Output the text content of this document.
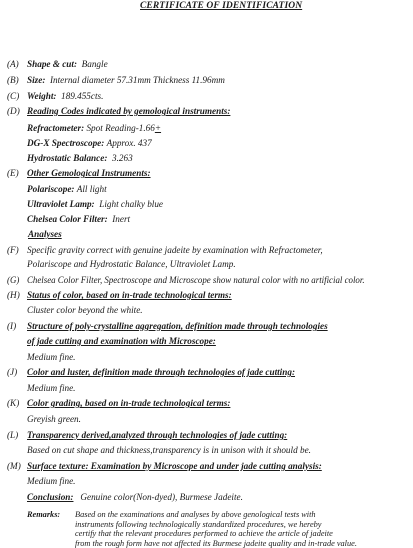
CERTIFICATE OF IDENTIFICATION
(A) Shape & cut: Bangle
(B) Size: Internal diameter 57.31mm Thickness 11.96mm
(C) Weight: 189.455cts.
(D) Reading Codes indicated by gemological instruments:
Refractometer: Spot Reading-1.66+
DG-X Spectroscope: Approx. 437
Hydrostatic Balance: 3.263
(E) Other Gemological Instruments:
Polariscope: All light
Ultraviolet Lamp: Light chalky blue
Chelsea Color Filter: Inert
Analyses
(F) Specific gravity correct with genuine jadeite by examination with Refractometer,
Polariscope and Hydrostatic Balance, Ultraviolet Lamp.
(G) Chelsea Color Filter, Spectroscope and Microscope show natural color with no artificial color.
(H) Status of color, based on in-trade technological terms:
Cluster color beyond the white.
(I) Structure of poly-crystalline aggregation, definition made through technologies
of jade cutting and examination with Microscope:
Medium fine.
(J) Color and luster, definition made through technologies of jade cutting:
Medium fine.
(K) Color grading, based on in-trade technological terms:
Greyish green.
(L) Transparency derived,analyzed through technologies of jade cutting:
Based on cut shape and thickness,transparency is in unison with it should be.
(M) Surface texture: Examination by Microscope and under jade cutting analysis:
Medium fine.
Conclusion: Genuine color(Non-dyed), Burmese Jadeite.
Remarks: Based on the examinations and analyses by above genological tests with
instruments following technologically standardized procedures, we hereby
certify that the relevant procedures performed to achieve the article of jadeite
from the rough form have not affected its Burmese jadeite quality and in-trade value.
